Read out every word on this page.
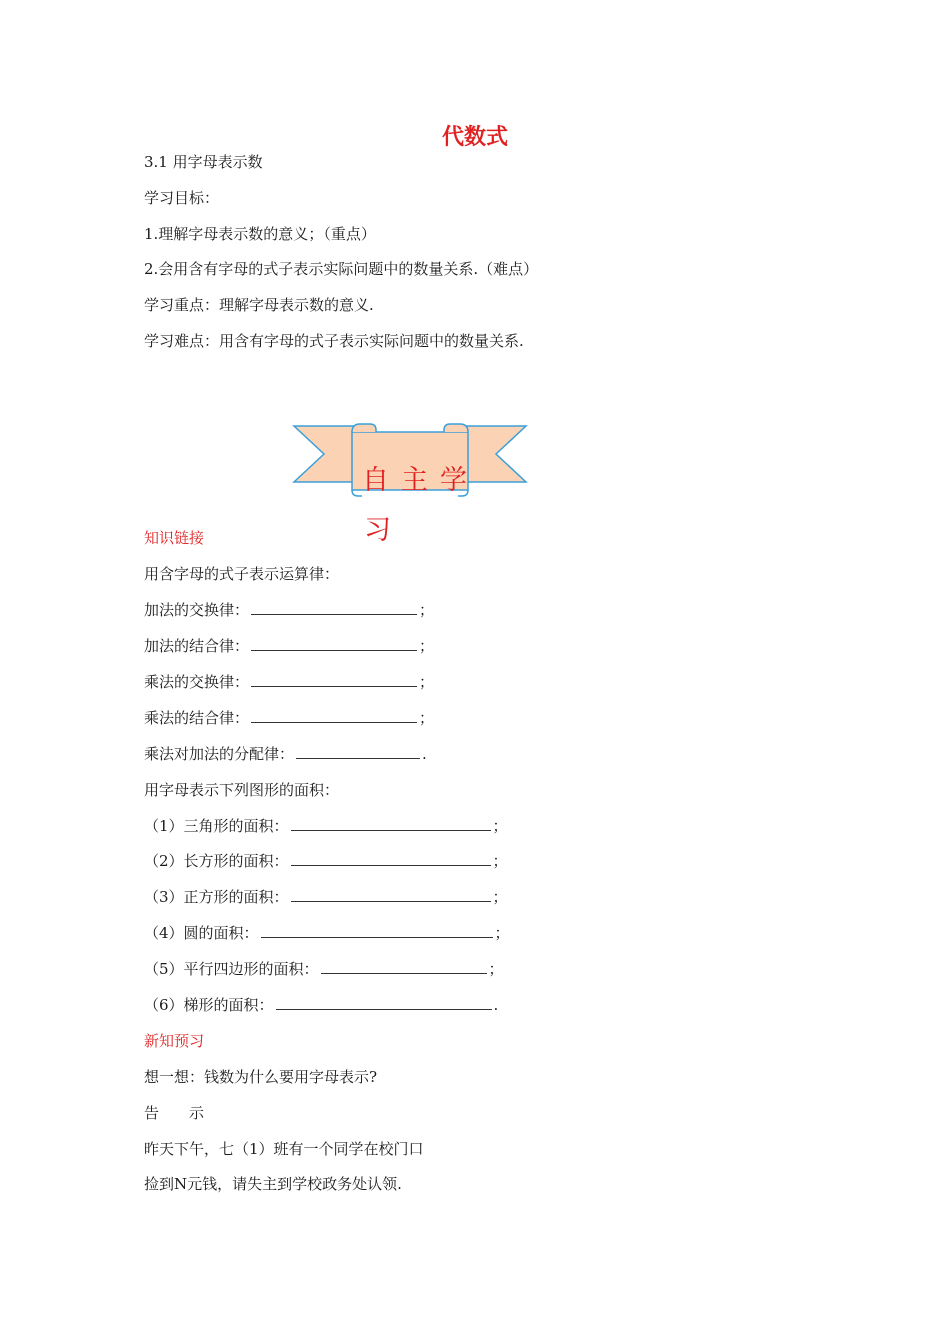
代数式
3.1 用字母表示数
学习目标：
1.理解字母表示数的意义；（重点）
2.会用含有字母的式子表示实际问题中的数量关系.（难点）
学习重点：理解字母表示数的意义.
学习难点：用含有字母的式子表示实际问题中的数量关系.
自主学
习
知识链接
用含字母的式子表示运算律：
加法的交换律：	；
加法的结合律：	；
乘法的交换律：	；
乘法的结合律：	；
乘法对加法的分配律：	.
用字母表示下列图形的面积：
（1）三角形的面积：	；
（2）长方形的面积：	；
（3）正方形的面积：	；
（4）圆的面积：	；
（5）平行四边形的面积：	；
（6）梯形的面积：	.
新知预习
想一想：钱数为什么要用字母表示?
告　　示
昨天下午，七（1）班有一个同学在校门口
捡到N元钱，请失主到学校政务处认领.
